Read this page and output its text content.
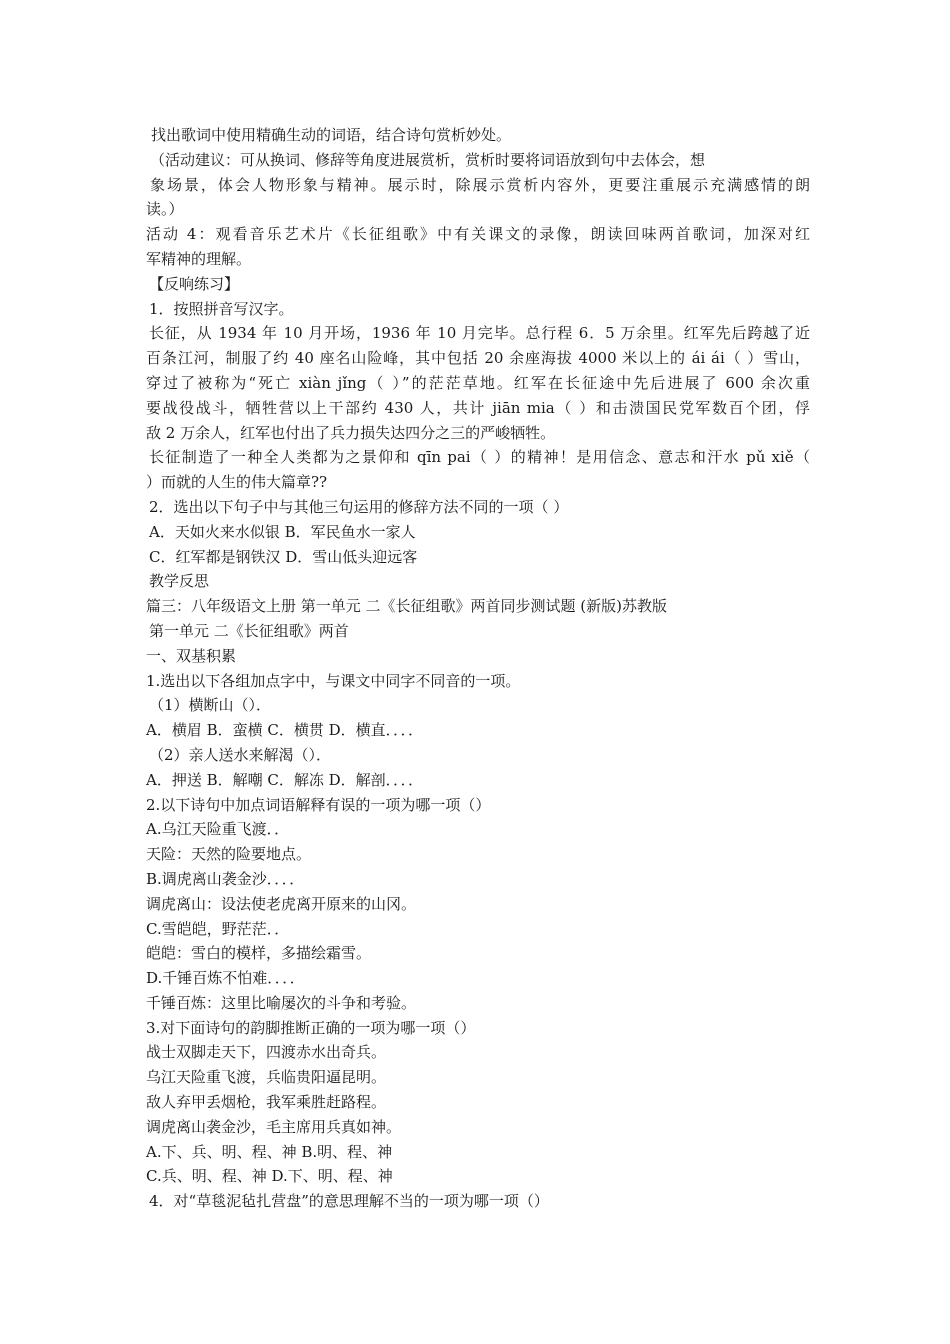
找出歌词中使用精确生动的词语，结合诗句赏析妙处。
（活动建议：可从换词、修辞等角度进展赏析，赏析时要将词语放到句中去体会，想
象场景，体会人物形象与精神。展示时，除展示赏析内容外，更要注重展示充满感情的朗
读。）
活动 4：观看音乐艺术片《长征组歌》中有关课文的录像，朗读回味两首歌词，加深对红
军精神的理解。
【反响练习】
1．按照拼音写汉字。
长征，从 1934 年 10 月开场，1936 年 10 月完毕。总行程 6．5 万余里。红军先后跨越了近
百条江河，制服了约 40 座名山险峰，其中包括 20 余座海拔 4000 米以上的 ái ái（ ）雪山，
穿过了被称为“死亡 xiàn jǐng（ ）”的茫茫草地。红军在长征途中先后进展了 600 余次重
要战役战斗，牺牲营以上干部约 430 人，共计 jiān mia（ ）和击溃国民党军数百个团，俘
敌 2 万余人，红军也付出了兵力损失达四分之三的严峻牺牲。
长征制造了一种全人类都为之景仰和 qīn pai（ ）的精神！是用信念、意志和汗水 pǔ xiě（
）而就的人生的伟大篇章??
2．选出以下句子中与其他三句运用的修辞方法不同的一项（ ）
A．天如火来水似银 B．军民鱼水一家人
C．红军都是钢铁汉 D．雪山低头迎远客
教学反思
篇三：八年级语文上册 第一单元 二《长征组歌》两首同步测试题 (新版)苏教版
第一单元 二《长征组歌》两首
一、双基积累
1.选出以下各组加点字中，与课文中同字不同音的一项。
（1）横断山（）．
A．横眉 B．蛮横 C．横贯 D．横直．．．．
（2）亲人送水来解渴（）．
A．押送 B．解嘲 C．解冻 D．解剖．．．．
2.以下诗句中加点词语解释有误的一项为哪一项（）
A.乌江天险重飞渡．．
天险：天然的险要地点。
B.调虎离山袭金沙．．．．
调虎离山：设法使老虎离开原来的山冈。
C.雪皑皑，野茫茫．．
皑皑：雪白的模样，多描绘霜雪。
D.千锤百炼不怕难．．．．
千锤百炼：这里比喻屡次的斗争和考验。
3.对下面诗句的韵脚推断正确的一项为哪一项（）
战士双脚走天下，四渡赤水出奇兵。
乌江天险重飞渡，兵临贵阳逼昆明。
敌人弃甲丢烟枪，我军乘胜赶路程。
调虎离山袭金沙，毛主席用兵真如神。
A.下、兵、明、程、神 B.明、程、神
C.兵、明、程、神 D.下、明、程、神
4．对“草毯泥毡扎营盘”的意思理解不当的一项为哪一项（）
